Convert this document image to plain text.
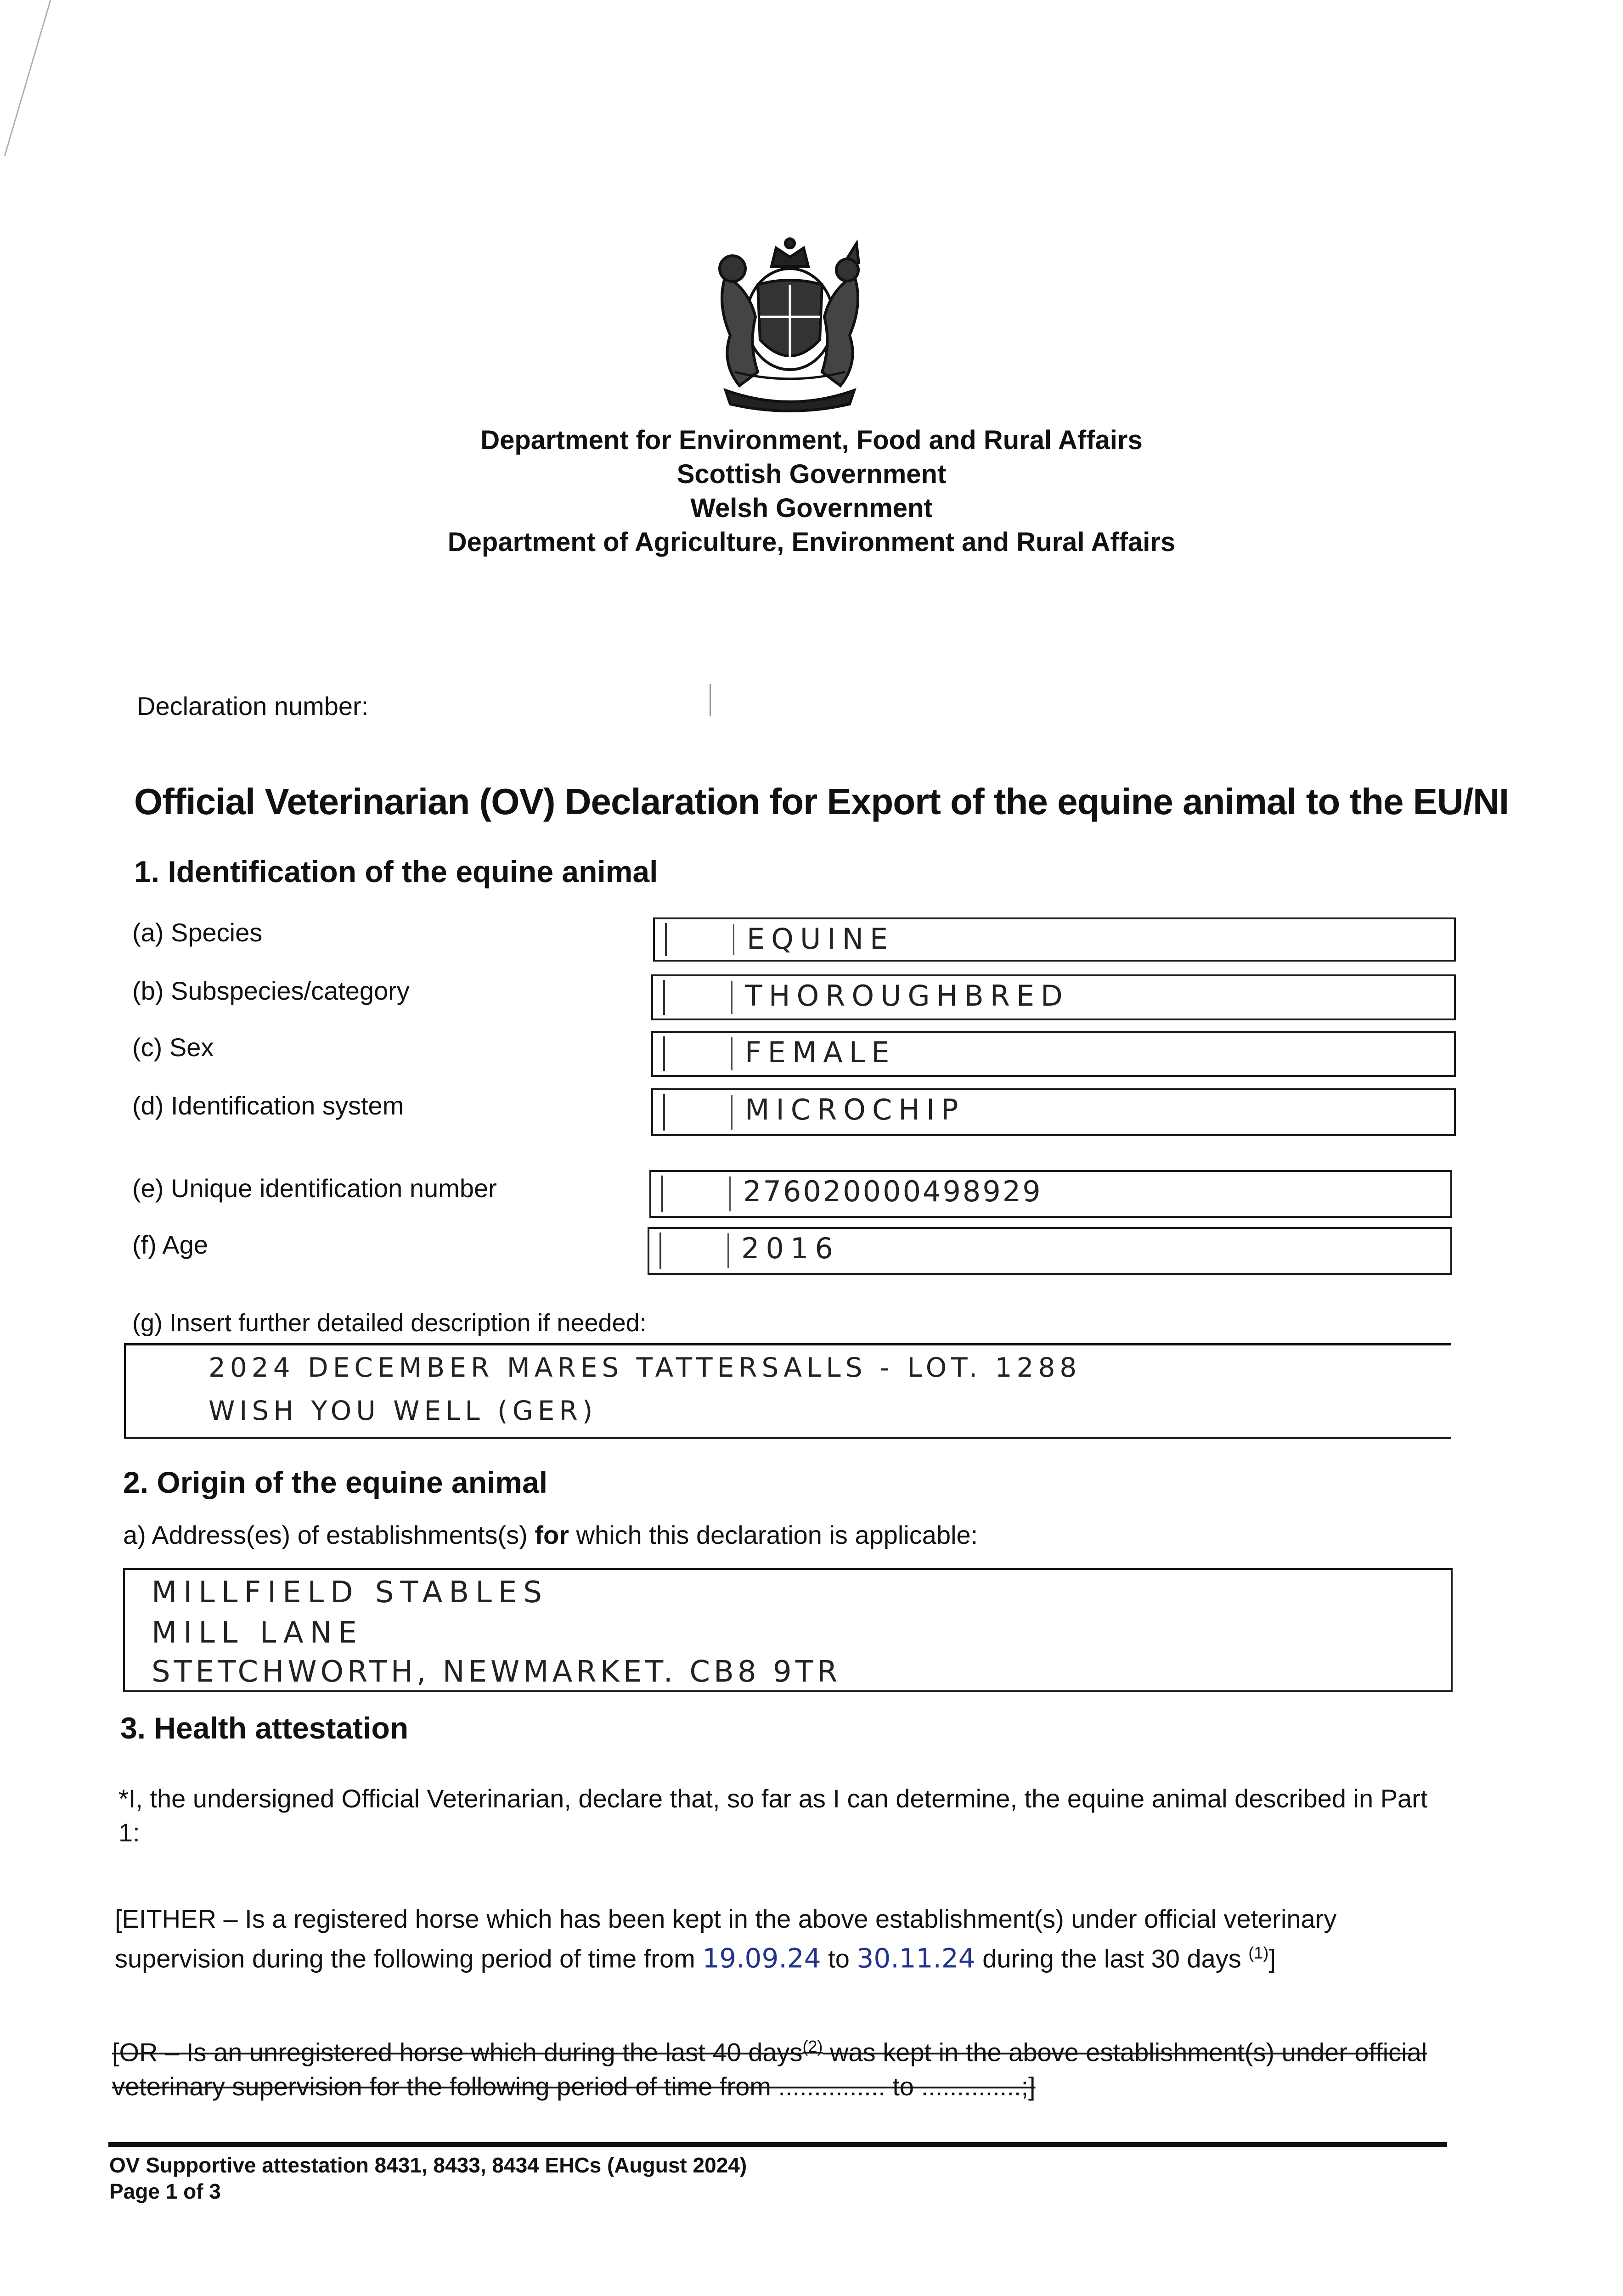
Department for Environment, Food and Rural Affairs
Scottish Government
Welsh Government
Department of Agriculture, Environment and Rural Affairs
Declaration number:
Official Veterinarian (OV) Declaration for Export of the equine animal to the EU/NI
1. Identification of the equine animal
(a) Species	EQUINE
(b) Subspecies/category	THOROUGHBRED
(c) Sex	FEMALE
(d) Identification system	MICROCHIP
(e) Unique identification number	276020000498929
(f) Age	2016
(g) Insert further detailed description if needed:
2024 DECEMBER MARES TATTERSALLS - LOT. 1288
WISH YOU WELL (GER)
2. Origin of the equine animal
a) Address(es) of establishments(s) for which this declaration is applicable:
MILLFIELD STABLES
MILL LANE
STETCHWORTH, NEWMARKET. CB8 9TR
3. Health attestation
*I, the undersigned Official Veterinarian, declare that, so far as I can determine, the equine animal described in Part 1:
[EITHER – Is a registered horse which has been kept in the above establishment(s) under official veterinary supervision during the following period of time from 19.09.24 to 30.11.24 during the last 30 days $^{(1)}$]
[OR – Is an unregistered horse which during the last 40 days$^{(2)}$ was kept in the above establishment(s) under official veterinary supervision for the following period of time from ............... to ..............;]
OV Supportive attestation 8431, 8433, 8434 EHCs (August 2024)
Page 1 of 3
